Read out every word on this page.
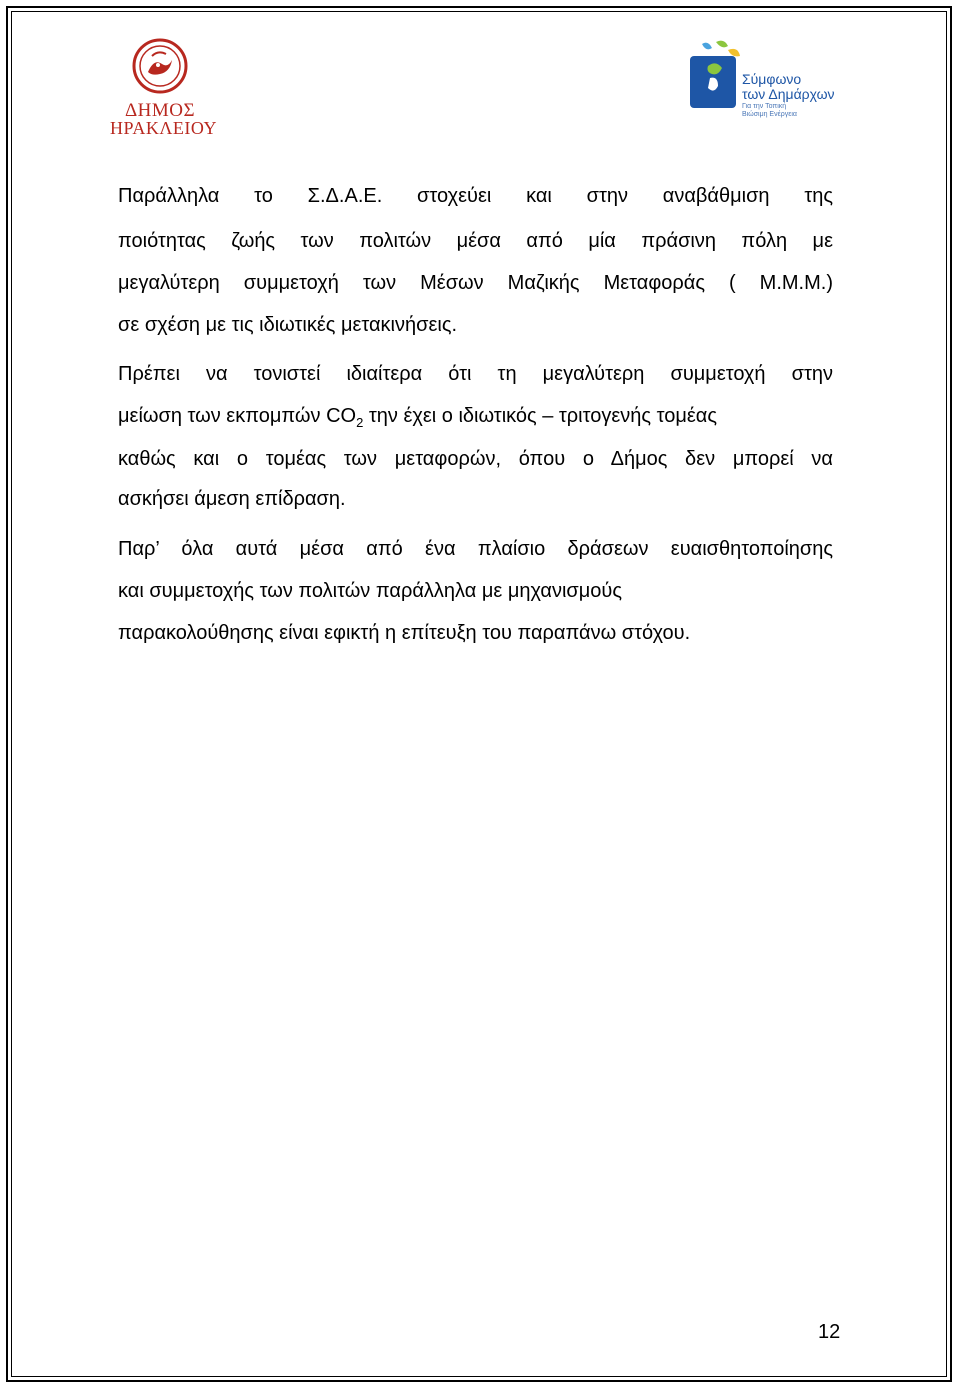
ΔΗΜΟΣ
ΗΡΑΚΛΕΙΟΥ
Σύμφωνο
των Δημάρχων
Για την Τοπική
Βιώσιμη Ενέργεια
Παράλληλα το Σ.Δ.Α.Ε. στοχεύει και στην αναβάθμιση της
ποιότητας ζωής των πολιτών μέσα από μία πράσινη πόλη με
μεγαλύτερη συμμετοχή των Μέσων Μαζικής Μεταφοράς ( Μ.Μ.Μ.)
σε σχέση με τις ιδιωτικές μετακινήσεις.
Πρέπει να τονιστεί ιδιαίτερα ότι τη μεγαλύτερη συμμετοχή στην
μείωση των εκπομπών $CO_2$ την έχει ο ιδιωτικός – τριτογενής τομέας
καθώς και ο τομέας των μεταφορών, όπου ο Δήμος δεν μπορεί να
ασκήσει άμεση επίδραση.
Παρ’ όλα αυτά μέσα από ένα πλαίσιο δράσεων ευαισθητοποίησης
και συμμετοχής των πολιτών παράλληλα με μηχανισμούς
παρακολούθησης είναι εφικτή η επίτευξη του παραπάνω στόχου.
12
